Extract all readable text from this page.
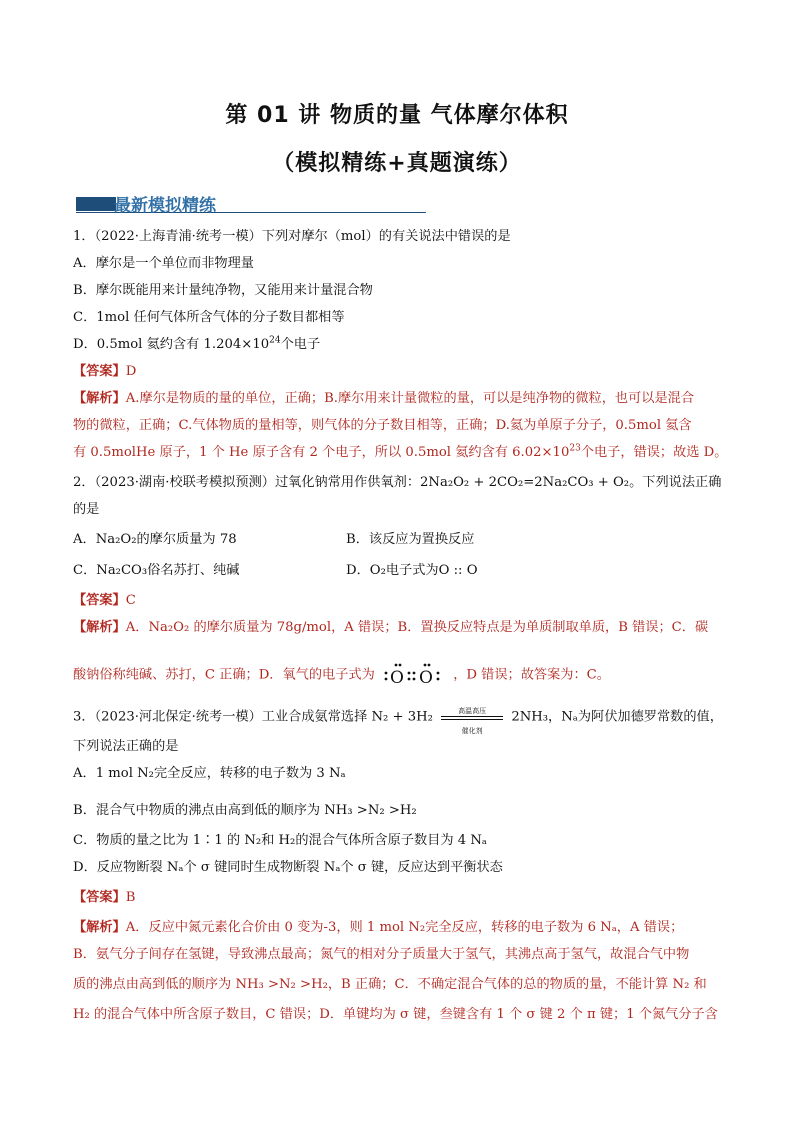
第 01 讲 物质的量 气体摩尔体积
（模拟精练+真题演练）
最新模拟精练
1．（2022·上海青浦·统考一模）下列对摩尔（mol）的有关说法中错误的是
A．摩尔是一个单位而非物理量
B．摩尔既能用来计量纯净物，又能用来计量混合物
C．1mol 任何气体所含气体的分子数目都相等
D．0.5mol 氦约含有 $1.204\times 10^{24}$个电子
【答案】D
【解析】A.摩尔是物质的量的单位，正确；B.摩尔用来计量微粒的量，可以是纯净物的微粒，也可以是混合
物的微粒，正确；C.气体物质的量相等，则气体的分子数目相等，正确；D.氦为单原子分子，0.5mol 氦含
有 0.5molHe 原子，1 个 He 原子含有 2 个电子，所以 0.5mol 氦约含有 $6.02\times 10^{23}$个电子，错误；故选 D。
2．（2023·湖南·校联考模拟预测）过氧化钠常用作供氧剂：2Na₂O₂ + 2CO₂=2Na₂CO₃ + O₂。下列说法正确
的是
A．Na₂O₂的摩尔质量为 78	B．该反应为置换反应
C．Na₂CO₃俗名苏打、纯碱	D．O₂电子式为O :: O
【答案】C
【解析】A．Na₂O₂ 的摩尔质量为 78g/mol，A 错误；B．置换反应特点是为单质制取单质，B 错误；C．碳
酸钠俗称纯碱、苏打，C 正确；D．氧气的电子式为 O O ，D 错误；故答案为：C。
3．（2023·河北保定·统考一模）工业合成氨常选择 N₂ + 3H₂	高温高压
催化剂
2NH₃，Nₐ为阿伏加德罗常数的值，
下列说法正确的是
A．1 mol N₂完全反应，转移的电子数为 3 Nₐ
B．混合气中物质的沸点由高到低的顺序为 NH₃ >N₂ >H₂
C．物质的量之比为 1∶1 的 N₂和 H₂的混合气体所含原子数目为 4 Nₐ
D．反应物断裂 Nₐ个 σ 键同时生成物断裂 Nₐ个 σ 键，反应达到平衡状态
【答案】B
【解析】A．反应中氮元素化合价由 0 变为-3，则 1 mol N₂完全反应，转移的电子数为 6 Nₐ，A 错误；
B．氨气分子间存在氢键，导致沸点最高；氮气的相对分子质量大于氢气，其沸点高于氢气，故混合气中物
质的沸点由高到低的顺序为 NH₃ >N₂ >H₂，B 正确；C．不确定混合气体的总的物质的量，不能计算 N₂ 和
H₂ 的混合气体中所含原子数目，C 错误；D．单键均为 σ 键，叁键含有 1 个 σ 键 2 个 π 键；1 个氮气分子含
